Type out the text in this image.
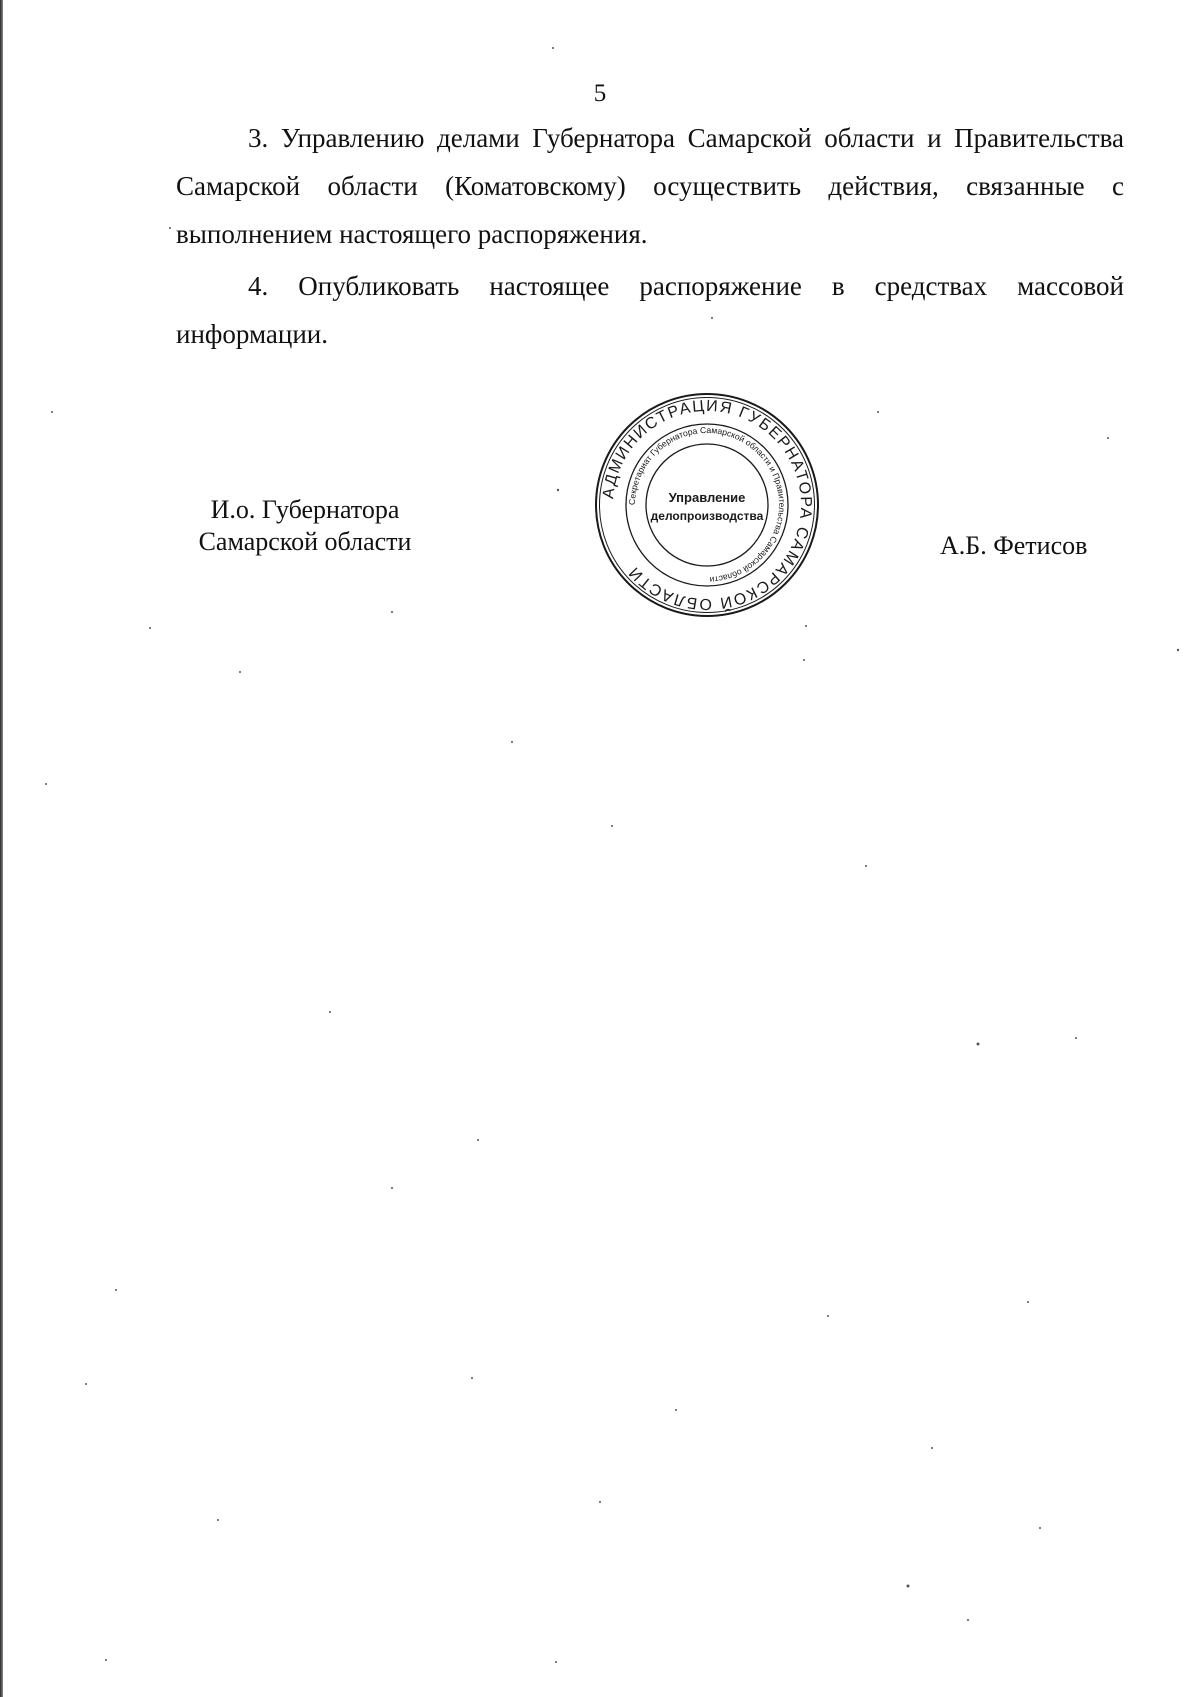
5

3. Управлению делами Губернатора Самарской области и Правительства Самарской области (Коматовскому) осуществить действия, связанные с выполнением настоящего распоряжения.

4. Опубликовать настоящее распоряжение в средствах массовой информации.

И.о. Губернатора
Самарской области	А.Б. Фетисов
АДМИНИСТРАЦИЯ ГУБЕРНАТОРА САМАРСКОЙ ОБЛАСТИ
Секретариат Губернатора Самарской области и Правительства Самарской области
Управление
делопроизводства
